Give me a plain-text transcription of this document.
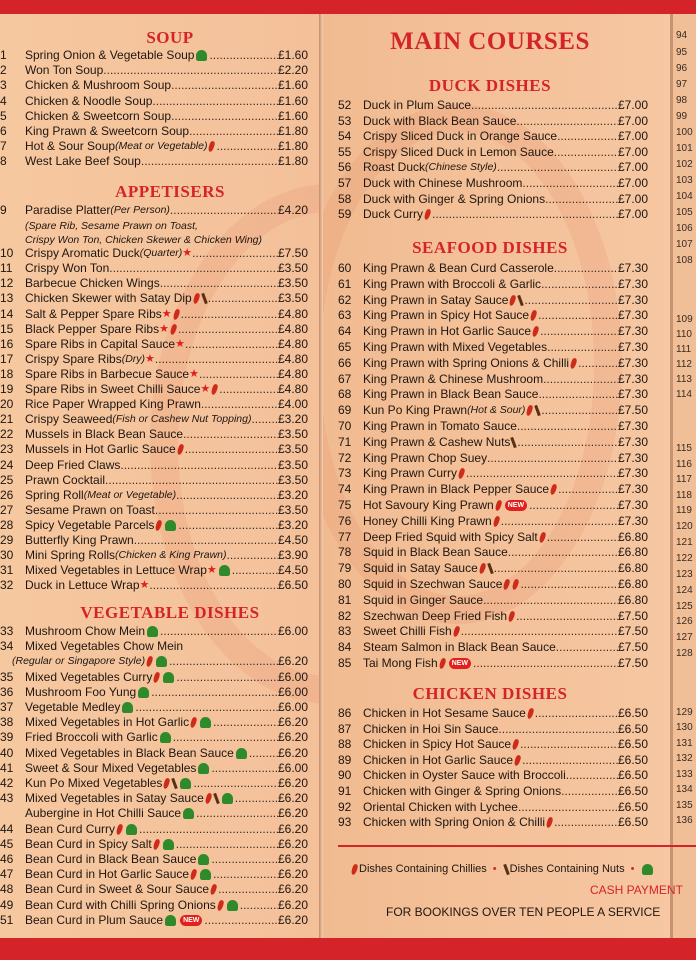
SOUP
1	Spring Onion & Vegetable Soup .....	£1.60
2	Won Ton Soup .....	£2.20
3	Chicken & Mushroom Soup .....	£1.60
4	Chicken & Noodle Soup .....	£1.60
5	Chicken & Sweetcorn Soup .....	£1.60
6	King Prawn & Sweetcorn Soup .....	£1.80
7	Hot & Sour Soup (Meat or Vegetable) .....	£1.80
8	West Lake Beef Soup .....	£1.80
APPETISERS
9	Paradise Platter (Per Person) .....	£4.20
(Spare Rib, Sesame Prawn on Toast,
Crispy Won Ton, Chicken Skewer & Chicken Wing)
10 Crispy Aromatic Duck (Quarter) ★ .....	£7.50
11	Crispy Won Ton .....	£3.50
12 Barbecue Chicken Wings .....	£3.50
13 Chicken Skewer with Satay Dip .....	£3.50
14 Salt & Pepper Spare Ribs ★ .....	£4.80
15 Black Pepper Spare Ribs ★ .....	£4.80
16 Spare Ribs in Capital Sauce ★ .....	£4.80
17 Crispy Spare Ribs (Dry) ★ .....	£4.80
18 Spare Ribs in Barbecue Sauce ★ .....	£4.80
19 Spare Ribs in Sweet Chilli Sauce ★ .....	£4.80
20 Rice Paper Wrapped King Prawn .....	£4.00
21 Crispy Seaweed (Fish or Cashew Nut Topping) ..... £3.20
22 Mussels in Black Bean Sauce .....	£3.50
23 Mussels in Hot Garlic Sauce .....	£3.50
24 Deep Fried Claws .....	£3.50
25 Prawn Cocktail .....	£3.50
26 Spring Roll (Meat or Vegetable) .....	£3.20
27 Sesame Prawn on Toast .....	£3.50
28 Spicy Vegetable Parcels .....	£3.20
29 Butterfly King Prawn .....	£4.50
30 Mini Spring Rolls (Chicken & King Prawn) .....	£3.90
31 Mixed Vegetables in Lettuce Wrap ★ .....	£4.50
32 Duck in Lettuce Wrap ★ .....	£6.50
VEGETABLE DISHES
33 Mushroom Chow Mein .....	£6.00
34 Mixed Vegetables Chow Mein
(Regular or Singapore Style) .....	£6.20
35 Mixed Vegetables Curry .....	£6.00
36 Mushroom Foo Yung .....	£6.00
37 Vegetable Medley .....	£6.00
38 Mixed Vegetables in Hot Garlic .....	£6.20
39 Fried Broccoli with Garlic .....	£6.20
40 Mixed Vegetables in Black Bean Sauce .....	£6.20
41 Sweet & Sour Mixed Vegetables .....	£6.00
42 Kun Po Mixed Vegetables .....	£6.20
43 Mixed Vegetables in Satay Sauce .....	£6.20
Aubergine in Hot Chilli Sauce .....	£6.20
44 Bean Curd Curry .....	£6.20
45 Bean Curd in Spicy Salt .....	£6.20
46 Bean Curd in Black Bean Sauce .....	£6.20
47 Bean Curd in Hot Garlic Sauce .....	£6.20
48 Bean Curd in Sweet & Sour Sauce .....	£6.20
49 Bean Curd with Chilli Spring Onions .....	£6.20
51 Bean Curd in Plum Sauce	NEW .....	£6.20
MAIN COURSES
DUCK DISHES
52 Duck in Plum Sauce .....	£7.00
53 Duck with Black Bean Sauce .....	£7.00
54 Crispy Sliced Duck in Orange Sauce .....	£7.00
55 Crispy Sliced Duck in Lemon Sauce .....	£7.00
56 Roast Duck (Chinese Style) .....	£7.00
57 Duck with Chinese Mushroom .....	£7.00
58 Duck with Ginger & Spring Onions .....	£7.00
59 Duck Curry .....	£7.00
SEAFOOD DISHES
60 King Prawn & Bean Curd Casserole .....	£7.30
61 King Prawn with Broccoli & Garlic .....	£7.30
62 King Prawn in Satay Sauce .....	£7.30
63 King Prawn in Spicy Hot Sauce .....	£7.30
64 King Prawn in Hot Garlic Sauce .....	£7.30
65 King Prawn with Mixed Vegetables .....	£7.30
66 King Prawn with Spring Onions & Chilli .....	£7.30
67 King Prawn & Chinese Mushroom .....	£7.30
68 King Prawn in Black Bean Sauce .....	£7.30
69 Kun Po King Prawn (Hot & Sour) .....	£7.50
70 King Prawn in Tomato Sauce .....	£7.30
71 King Prawn & Cashew Nuts .....	£7.30
72 King Prawn Chop Suey .....	£7.30
73 King Prawn Curry .....	£7.30
74 King Prawn in Black Pepper Sauce .....	£7.30
75 Hot Savoury King Prawn	NEW .....	£7.30
76 Honey Chilli King Prawn .....	£7.30
77 Deep Fried Squid with Spicy Salt .....	£6.80
78 Squid in Black Bean Sauce .....	£6.80
79 Squid in Satay Sauce .....	£6.80
80 Squid in Szechwan Sauce .....	£6.80
81 Squid in Ginger Sauce .....	£6.80
82 Szechwan Deep Fried Fish .....	£7.50
83 Sweet Chilli Fish .....	£7.50
84 Steam Salmon in Black Bean Sauce .....	£7.50
85 Tai Mong Fish	NEW .....	£7.50
CHICKEN DISHES
86 Chicken in Hot Sesame Sauce .....	£6.50
87 Chicken in Hoi Sin Sauce .....	£6.50
88 Chicken in Spicy Hot Sauce .....	£6.50
89 Chicken in Hot Garlic Sauce .....	£6.50
90 Chicken in Oyster Sauce with Broccoli .....	£6.50
91 Chicken with Ginger & Spring Onions .....	£6.50
92 Oriental Chicken with Lychee .....	£6.50
93 Chicken with Spring Onion & Chilli .....	£6.50
94
95
96
97
98
99
100
101
102
103
104
105
106
107
108
109
110
111
112
113
114
115
116
117
118
119
120
121
122
123
124
125
126
127
128
129
130
131
132
133
134
135
136
Dishes Containing Chillies • Dishes Containing Nuts •
CASH PAYMENT
FOR BOOKINGS OVER TEN PEOPLE A SERVICE
